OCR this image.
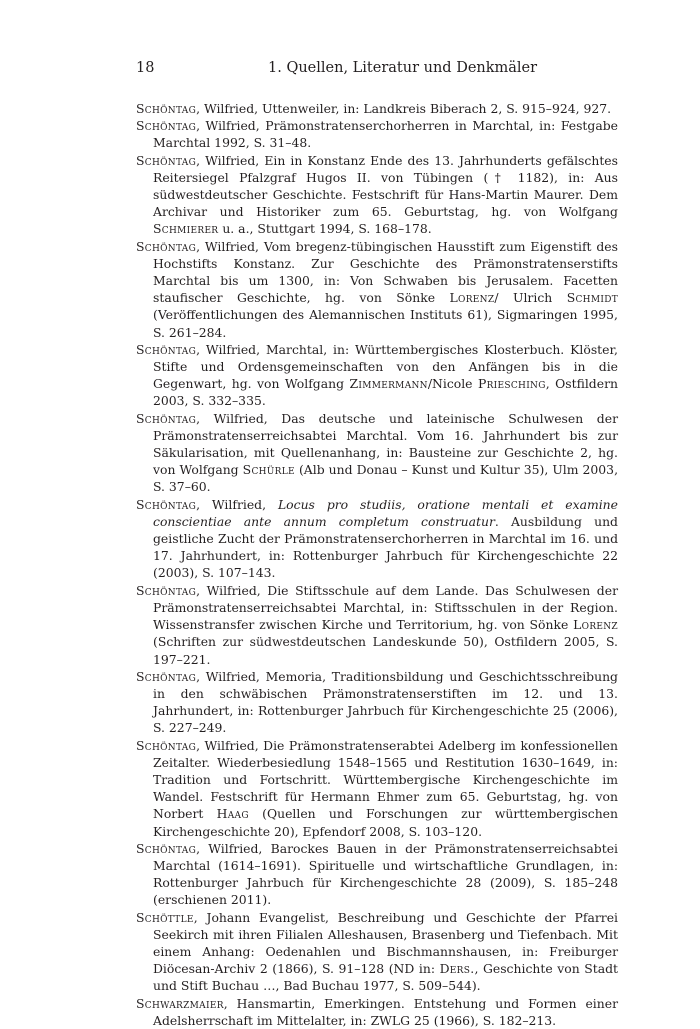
18	1. Quellen, Literatur und Denkmäler

Schöntag, Wilfried, Uttenweiler, in: Landkreis Biberach 2, S. 915–924, 927.

Schöntag, Wilfried, Prämonstratenserchorherren in Marchtal, in: Festgabe Marchtal 1992, S. 31–48.

Schöntag, Wilfried, Ein in Konstanz Ende des 13. Jahrhunderts gefälschtes Reitersiegel Pfalzgraf Hugos II. von Tübingen († 1182), in: Aus südwestdeutscher Geschichte. Festschrift für Hans-Martin Maurer. Dem Archivar und Historiker zum 65. Geburtstag, hg. von Wolfgang Schmierer u. a., Stuttgart 1994, S. 168–178.

Schöntag, Wilfried, Vom bregenz-tübingischen Hausstift zum Eigenstift des Hochstifts Konstanz. Zur Geschichte des Prämonstratenserstifts Marchtal bis um 1300, in: Von Schwaben bis Jerusalem. Facetten staufischer Geschichte, hg. von Sönke Lorenz/ Ulrich Schmidt (Veröffentlichungen des Alemannischen Instituts 61), Sigmaringen 1995, S. 261–284.

Schöntag, Wilfried, Marchtal, in: Württembergisches Klosterbuch. Klöster, Stifte und Ordensgemeinschaften von den Anfängen bis in die Gegenwart, hg. von Wolfgang Zimmermann/Nicole Priesching, Ostfildern 2003, S. 332–335.

Schöntag, Wilfried, Das deutsche und lateinische Schulwesen der Prämonstratenserreichsabtei Marchtal. Vom 16. Jahrhundert bis zur Säkularisation, mit Quellenanhang, in: Bausteine zur Geschichte 2, hg. von Wolfgang Schürle (Alb und Donau – Kunst und Kultur 35), Ulm 2003, S. 37–60.

Schöntag, Wilfried, Locus pro studiis, oratione mentali et examine conscientiae ante annum completum construatur. Ausbildung und geistliche Zucht der Prämonstratenserchorherren in Marchtal im 16. und 17. Jahrhundert, in: Rottenburger Jahrbuch für Kirchengeschichte 22 (2003), S. 107–143.

Schöntag, Wilfried, Die Stiftsschule auf dem Lande. Das Schulwesen der Prämonstratenserreichsabtei Marchtal, in: Stiftsschulen in der Region. Wissenstransfer zwischen Kirche und Territorium, hg. von Sönke Lorenz (Schriften zur südwestdeutschen Landeskunde 50), Ostfildern 2005, S. 197–221.

Schöntag, Wilfried, Memoria, Traditionsbildung und Geschichtsschreibung in den schwäbischen Prämonstratenserstiften im 12. und 13. Jahrhundert, in: Rottenburger Jahrbuch für Kirchengeschichte 25 (2006), S. 227–249.

Schöntag, Wilfried, Die Prämonstratenserabtei Adelberg im konfessionellen Zeitalter. Wiederbesiedlung 1548–1565 und Restitution 1630–1649, in: Tradition und Fortschritt. Württembergische Kirchengeschichte im Wandel. Festschrift für Hermann Ehmer zum 65. Geburtstag, hg. von Norbert Haag (Quellen und Forschungen zur württembergischen Kirchengeschichte 20), Epfendorf 2008, S. 103–120.

Schöntag, Wilfried, Barockes Bauen in der Prämonstratenserreichsabtei Marchtal (1614–1691). Spirituelle und wirtschaftliche Grundlagen, in: Rottenburger Jahrbuch für Kirchengeschichte 28 (2009), S. 185–248 (erschienen 2011).

Schöttle, Johann Evangelist, Beschreibung und Geschichte der Pfarrei Seekirch mit ihren Filialen Alleshausen, Brasenberg und Tiefenbach. Mit einem Anhang: Oedenahlen und Bischmannshausen, in: Freiburger Diöcesan-Archiv 2 (1866), S. 91–128 (ND in: Ders., Geschichte von Stadt und Stift Buchau …, Bad Buchau 1977, S. 509–544).

Schwarzmaier, Hansmartin, Emerkingen. Entstehung und Formen einer Adelsherrschaft im Mittelalter, in: ZWLG 25 (1966), S. 182–213.
